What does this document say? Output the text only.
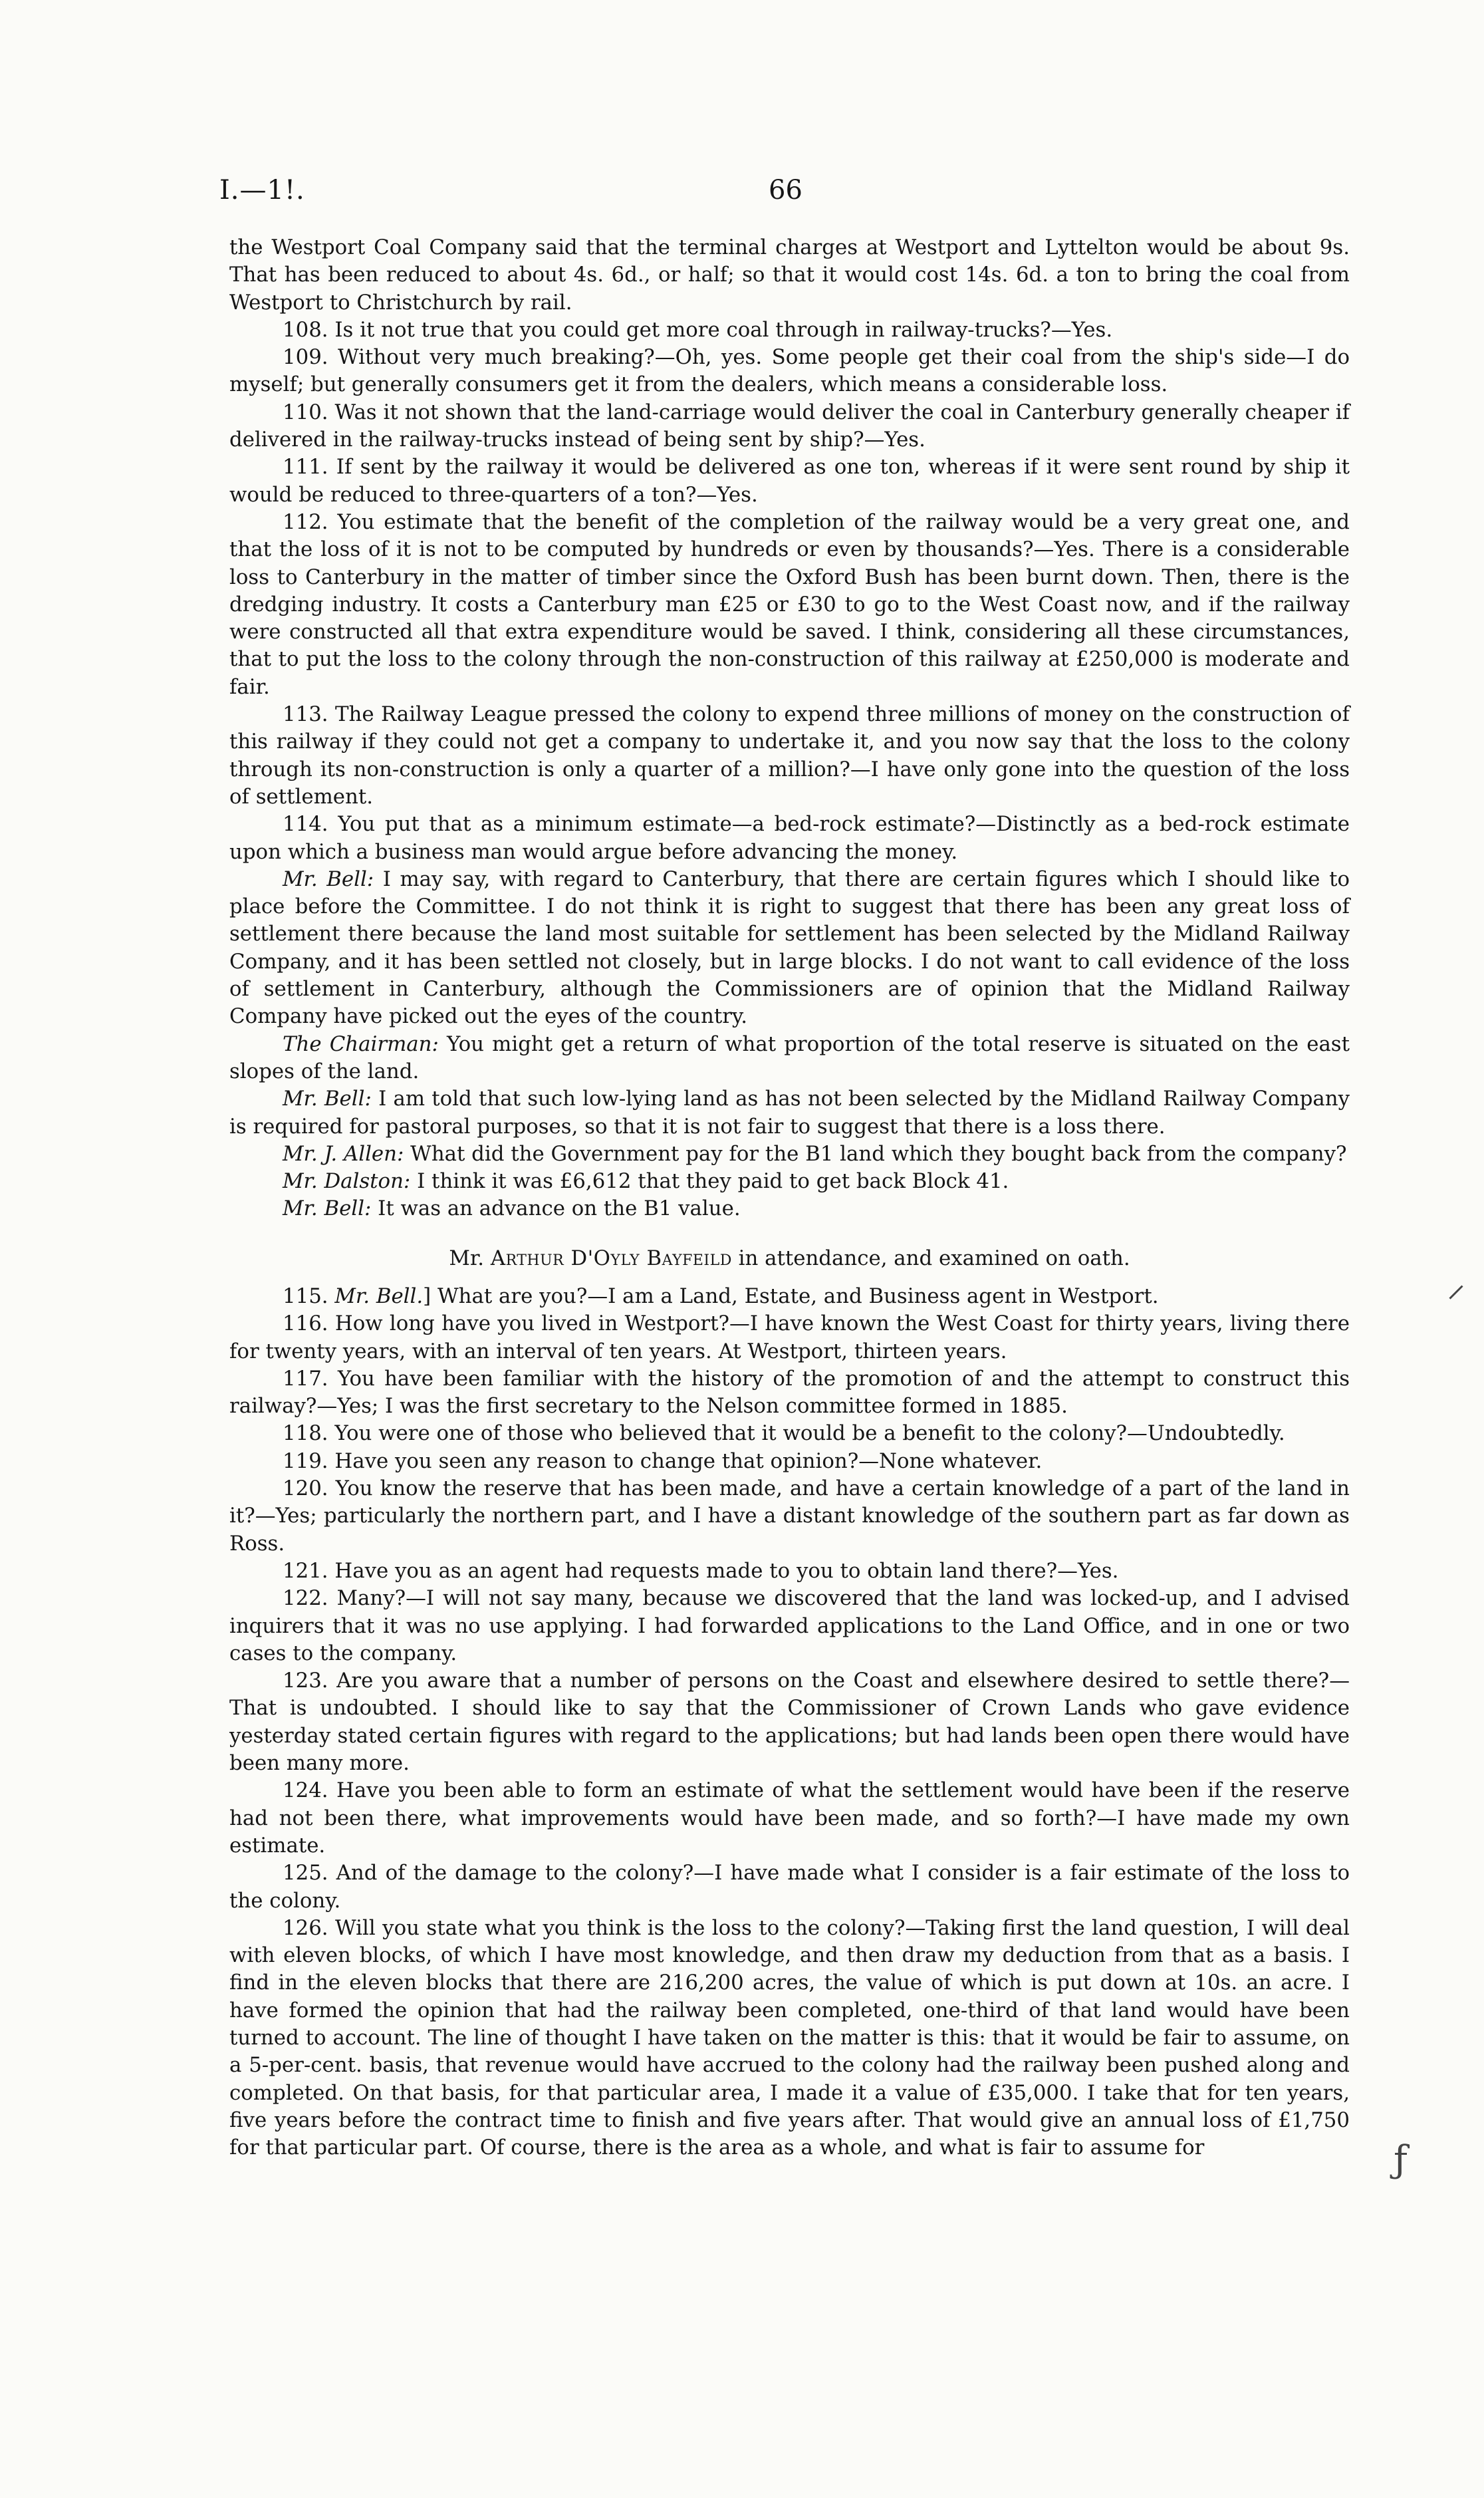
I.—1!.	66

the Westport Coal Company said that the terminal charges at Westport and Lyttelton would be about 9s. That has been reduced to about 4s. 6d., or half; so that it would cost 14s. 6d. a ton to bring the coal from Westport to Christchurch by rail.

108. Is it not true that you could get more coal through in railway-trucks?—Yes.

109. Without very much breaking?—Oh, yes. Some people get their coal from the ship's side—I do myself; but generally consumers get it from the dealers, which means a considerable loss.

110. Was it not shown that the land-carriage would deliver the coal in Canterbury generally cheaper if delivered in the railway-trucks instead of being sent by ship?—Yes.

111. If sent by the railway it would be delivered as one ton, whereas if it were sent round by ship it would be reduced to three-quarters of a ton?—Yes.

112. You estimate that the benefit of the completion of the railway would be a very great one, and that the loss of it is not to be computed by hundreds or even by thousands?—Yes. There is a considerable loss to Canterbury in the matter of timber since the Oxford Bush has been burnt down. Then, there is the dredging industry. It costs a Canterbury man £25 or £30 to go to the West Coast now, and if the railway were constructed all that extra expenditure would be saved. I think, considering all these circumstances, that to put the loss to the colony through the non-construction of this railway at £250,000 is moderate and fair.

113. The Railway League pressed the colony to expend three millions of money on the construction of this railway if they could not get a company to undertake it, and you now say that the loss to the colony through its non-construction is only a quarter of a million?—I have only gone into the question of the loss of settlement.

114. You put that as a minimum estimate—a bed-rock estimate?—Distinctly as a bed-rock estimate upon which a business man would argue before advancing the money.

Mr. Bell: I may say, with regard to Canterbury, that there are certain figures which I should like to place before the Committee. I do not think it is right to suggest that there has been any great loss of settlement there because the land most suitable for settlement has been selected by the Midland Railway Company, and it has been settled not closely, but in large blocks. I do not want to call evidence of the loss of settlement in Canterbury, although the Commissioners are of opinion that the Midland Railway Company have picked out the eyes of the country.

The Chairman: You might get a return of what proportion of the total reserve is situated on the east slopes of the land.

Mr. Bell: I am told that such low-lying land as has not been selected by the Midland Railway Company is required for pastoral purposes, so that it is not fair to suggest that there is a loss there.

Mr. J. Allen: What did the Government pay for the B1 land which they bought back from the company?

Mr. Dalston: I think it was £6,612 that they paid to get back Block 41.

Mr. Bell: It was an advance on the B1 value.

Mr. Arthur D'Oyly Bayfeild in attendance, and examined on oath.

115. Mr. Bell.] What are you?—I am a Land, Estate, and Business agent in Westport.

116. How long have you lived in Westport?—I have known the West Coast for thirty years, living there for twenty years, with an interval of ten years. At Westport, thirteen years.

117. You have been familiar with the history of the promotion of and the attempt to construct this railway?—Yes; I was the first secretary to the Nelson committee formed in 1885.

118. You were one of those who believed that it would be a benefit to the colony?—Undoubtedly.

119. Have you seen any reason to change that opinion?—None whatever.

120. You know the reserve that has been made, and have a certain knowledge of a part of the land in it?—Yes; particularly the northern part, and I have a distant knowledge of the southern part as far down as Ross.

121. Have you as an agent had requests made to you to obtain land there?—Yes.

122. Many?—I will not say many, because we discovered that the land was locked-up, and I advised inquirers that it was no use applying. I had forwarded applications to the Land Office, and in one or two cases to the company.

123. Are you aware that a number of persons on the Coast and elsewhere desired to settle there?—That is undoubted. I should like to say that the Commissioner of Crown Lands who gave evidence yesterday stated certain figures with regard to the applications; but had lands been open there would have been many more.

124. Have you been able to form an estimate of what the settlement would have been if the reserve had not been there, what improvements would have been made, and so forth?—I have made my own estimate.

125. And of the damage to the colony?—I have made what I consider is a fair estimate of the loss to the colony.

126. Will you state what you think is the loss to the colony?—Taking first the land question, I will deal with eleven blocks, of which I have most knowledge, and then draw my deduction from that as a basis. I find in the eleven blocks that there are 216,200 acres, the value of which is put down at 10s. an acre. I have formed the opinion that had the railway been completed, one-third of that land would have been turned to account. The line of thought I have taken on the matter is this: that it would be fair to assume, on a 5-per-cent. basis, that revenue would have accrued to the colony had the railway been pushed along and completed. On that basis, for that particular area, I made it a value of £35,000. I take that for ten years, five years before the contract time to finish and five years after. That would give an annual loss of £1,750 for that particular part. Of course, there is the area as a whole, and what is fair to assume for

⸝
ƒ
